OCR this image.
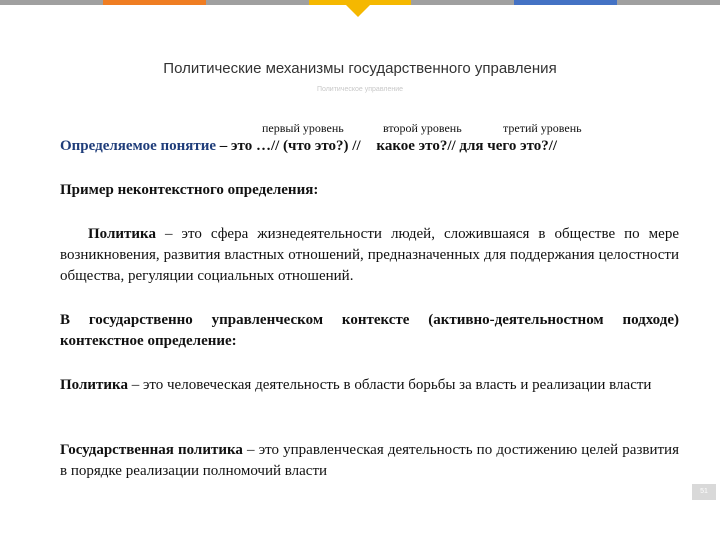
Политические механизмы государственного управления
Политическое управление
первый уровень	второй уровень	третий уровень
Определяемое понятие – это …// (что это?) // какое это?// для чего это?//
Пример неконтекстного определения:
Политика – это сфера жизнедеятельности людей, сложившаяся в обществе по мере возникновения, развития властных отношений, предназначенных для поддержания целостности общества, регуляции социальных отношений.
В государственно управленческом контексте (активно-деятельностном подходе) контекстное определение:
Политика – это человеческая деятельность в области борьбы за власть и реализации власти
Государственная политика – это управленческая деятельность по достижению целей развития в порядке реализации полномочий власти
51
